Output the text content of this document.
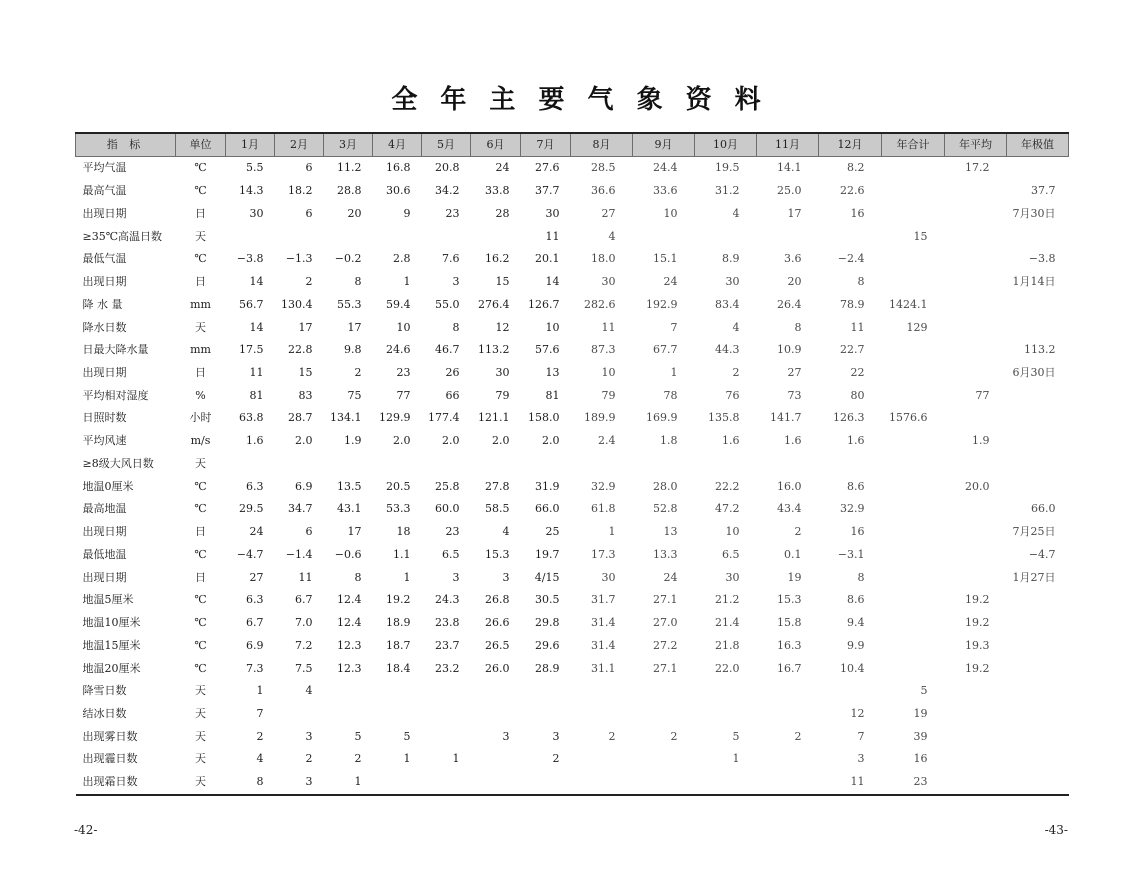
全 年 主 要 气 象 资 料
指 标	单位	1月	2月	3月	4月	5月	6月	7月	8月	9月	10月	11月	12月	年合计	年平均	年极值
平均气温	℃	5.5	6	11.2	16.8	20.8	24	27.6	28.5	24.4	19.5	14.1	8.2		17.2	
最高气温	℃	14.3	18.2	28.8	30.6	34.2	33.8	37.7	36.6	33.6	31.2	25.0	22.6			37.7
出现日期	日	30	6	20	9	23	28	30	27	10	4	17	16			7月30日
≥35℃高温日数	天							11	4					15		
最低气温	℃	−3.8	−1.3	−0.2	2.8	7.6	16.2	20.1	18.0	15.1	8.9	3.6	−2.4			−3.8
出现日期	日	14	2	8	1	3	15	14	30	24	30	20	8			1月14日
降 水 量	mm	56.7	130.4	55.3	59.4	55.0	276.4	126.7	282.6	192.9	83.4	26.4	78.9	1424.1		
降水日数	天	14	17	17	10	8	12	10	11	7	4	8	11	129		
日最大降水量	mm	17.5	22.8	9.8	24.6	46.7	113.2	57.6	87.3	67.7	44.3	10.9	22.7			113.2
出现日期	日	11	15	2	23	26	30	13	10	1	2	27	22			6月30日
平均相对湿度	%	81	83	75	77	66	79	81	79	78	76	73	80		77	
日照时数	小时	63.8	28.7	134.1	129.9	177.4	121.1	158.0	189.9	169.9	135.8	141.7	126.3	1576.6		
平均风速	m/s	1.6	2.0	1.9	2.0	2.0	2.0	2.0	2.4	1.8	1.6	1.6	1.6		1.9	
≥8级大风日数	天															
地温0厘米	℃	6.3	6.9	13.5	20.5	25.8	27.8	31.9	32.9	28.0	22.2	16.0	8.6		20.0	
最高地温	℃	29.5	34.7	43.1	53.3	60.0	58.5	66.0	61.8	52.8	47.2	43.4	32.9			66.0
出现日期	日	24	6	17	18	23	4	25	1	13	10	2	16			7月25日
最低地温	℃	−4.7	−1.4	−0.6	1.1	6.5	15.3	19.7	17.3	13.3	6.5	0.1	−3.1			−4.7
出现日期	日	27	11	8	1	3	3	4/15	30	24	30	19	8			1月27日
地温5厘米	℃	6.3	6.7	12.4	19.2	24.3	26.8	30.5	31.7	27.1	21.2	15.3	8.6		19.2	
地温10厘米	℃	6.7	7.0	12.4	18.9	23.8	26.6	29.8	31.4	27.0	21.4	15.8	9.4		19.2	
地温15厘米	℃	6.9	7.2	12.3	18.7	23.7	26.5	29.6	31.4	27.2	21.8	16.3	9.9		19.3	
地温20厘米	℃	7.3	7.5	12.3	18.4	23.2	26.0	28.9	31.1	27.1	22.0	16.7	10.4		19.2	
降雪日数	天	1	4											5		
结冰日数	天	7											12	19		
出现雾日数	天	2	3	5	5		3	3	2	2	5	2	7	39		
出现霾日数	天	4	2	2	1	1		2			1		3	16		
出现霜日数	天	8	3	1									11	23		
-42-	-43-
